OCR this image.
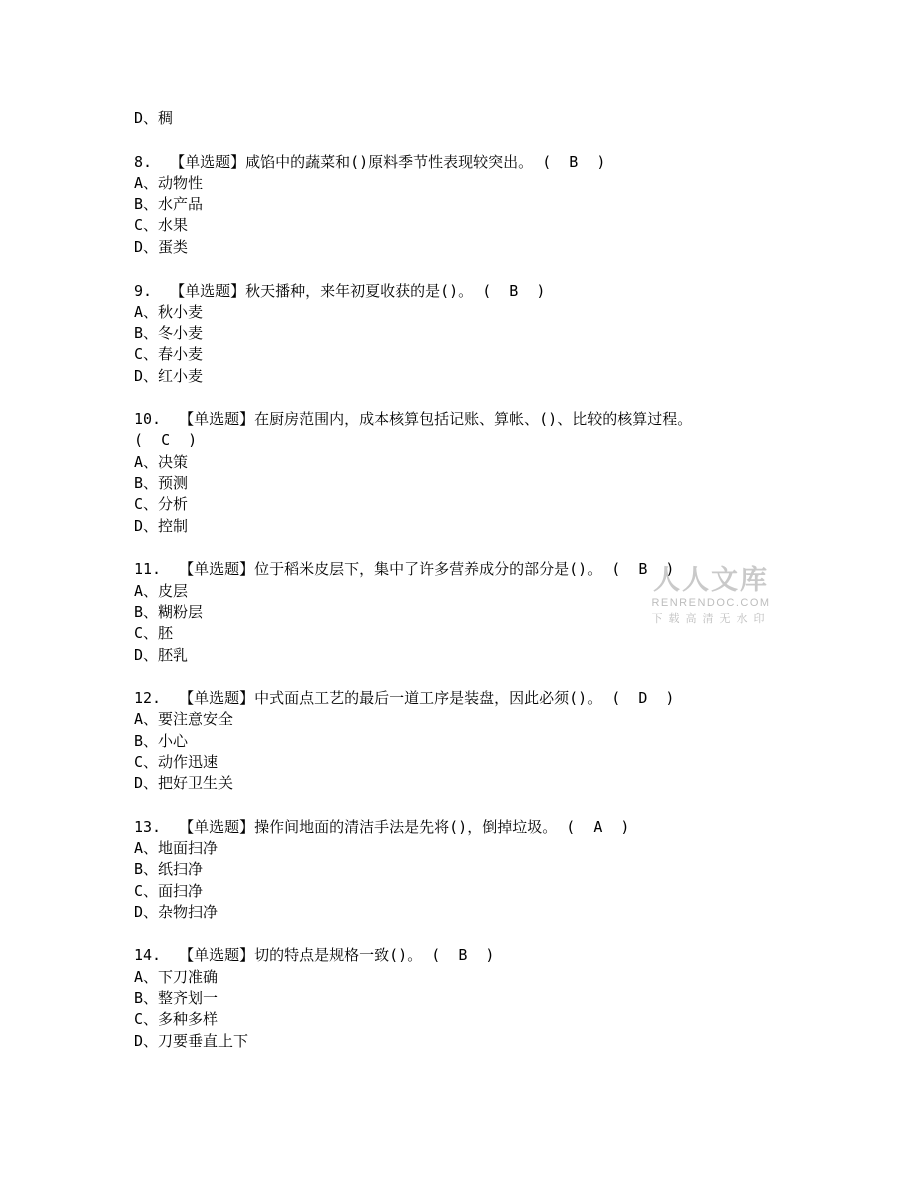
D、稠

8.  【单选题】咸馅中的蔬菜和()原料季节性表现较突出。 (  B  )

A、动物性

B、水产品

C、水果

D、蛋类

9.  【单选题】秋天播种，来年初夏收获的是()。 (  B  )

A、秋小麦

B、冬小麦

C、春小麦

D、红小麦

10.  【单选题】在厨房范围内，成本核算包括记账、算帐、()、比较的核算过程。

(  C  )

A、决策

B、预测

C、分析

D、控制

11.  【单选题】位于稻米皮层下，集中了许多营养成分的部分是()。 (  B  )

A、皮层

B、糊粉层

C、胚

D、胚乳

12.  【单选题】中式面点工艺的最后一道工序是装盘，因此必须()。 (  D  )

A、要注意安全

B、小心

C、动作迅速

D、把好卫生关

13.  【单选题】操作间地面的清洁手法是先将()，倒掉垃圾。 (  A  )

A、地面扫净

B、纸扫净

C、面扫净

D、杂物扫净

14.  【单选题】切的特点是规格一致()。 (  B  )

A、下刀准确

B、整齐划一

C、多种多样

D、刀要垂直上下

人人文库
RENRENDOC.COM
下载高清无水印
